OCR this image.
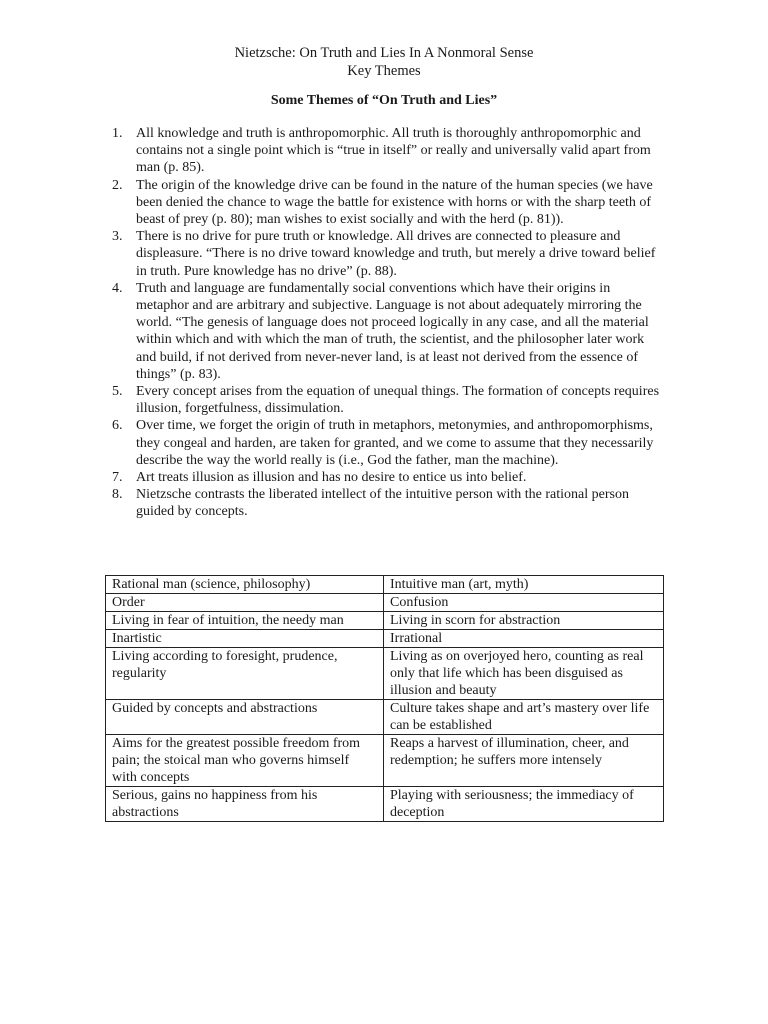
Nietzsche: On Truth and Lies In A Nonmoral Sense
Key Themes
Some Themes of “On Truth and Lies”
1. All knowledge and truth is anthropomorphic. All truth is thoroughly anthropomorphic and contains not a single point which is “true in itself” or really and universally valid apart from man (p. 85).
2. The origin of the knowledge drive can be found in the nature of the human species (we have been denied the chance to wage the battle for existence with horns or with the sharp teeth of beast of prey (p. 80); man wishes to exist socially and with the herd (p. 81)).
3. There is no drive for pure truth or knowledge. All drives are connected to pleasure and displeasure. “There is no drive toward knowledge and truth, but merely a drive toward belief in truth. Pure knowledge has no drive” (p. 88).
4. Truth and language are fundamentally social conventions which have their origins in metaphor and are arbitrary and subjective. Language is not about adequately mirroring the world. “The genesis of language does not proceed logically in any case, and all the material within which and with which the man of truth, the scientist, and the philosopher later work and build, if not derived from never-never land, is at least not derived from the essence of things” (p. 83).
5. Every concept arises from the equation of unequal things. The formation of concepts requires illusion, forgetfulness, dissimulation.
6. Over time, we forget the origin of truth in metaphors, metonymies, and anthropomorphisms, they congeal and harden, are taken for granted, and we come to assume that they necessarily describe the way the world really is (i.e., God the father, man the machine).
7. Art treats illusion as illusion and has no desire to entice us into belief.
8. Nietzsche contrasts the liberated intellect of the intuitive person with the rational person guided by concepts.
Rational man (science, philosophy)	Intuitive man (art, myth)
Order	Confusion
Living in fear of intuition, the needy man	Living in scorn for abstraction
Inartistic	Irrational
Living according to foresight, prudence, regularity	Living as on overjoyed hero, counting as real only that life which has been disguised as illusion and beauty
Guided by concepts and abstractions	Culture takes shape and art’s mastery over life can be established
Aims for the greatest possible freedom from pain; the stoical man who governs himself with concepts	Reaps a harvest of illumination, cheer, and redemption; he suffers more intensely
Serious, gains no happiness from his abstractions	Playing with seriousness; the immediacy of deception
